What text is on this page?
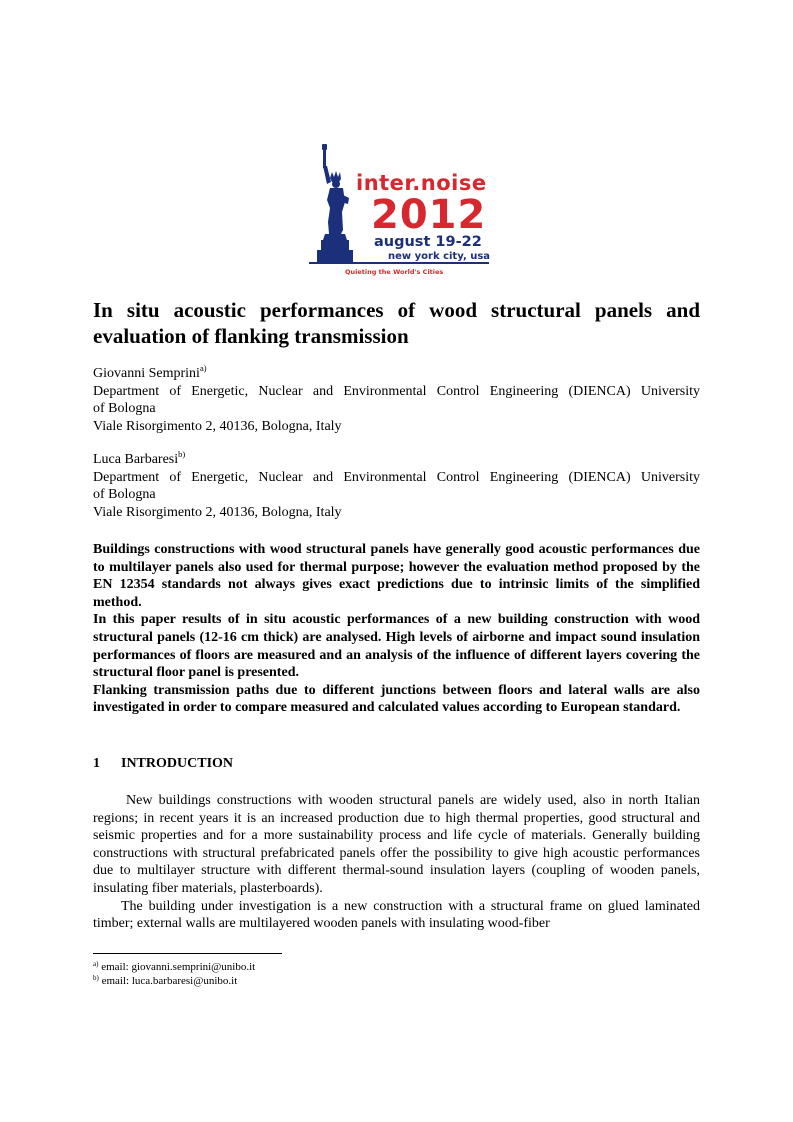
inter.noise
2012
august 19-22
new york city, usa
Quieting the World's Cities
In situ acoustic performances of wood structural panels and
evaluation of flanking transmission
Giovanni Semprini$^{a)}$
Department of Energetic, Nuclear and Environmental Control Engineering (DIENCA) University
of Bologna
Viale Risorgimento 2, 40136, Bologna, Italy
Luca Barbaresi$^{b)}$
Department of Energetic, Nuclear and Environmental Control Engineering (DIENCA) University
of Bologna
Viale Risorgimento 2, 40136, Bologna, Italy

Buildings constructions with wood structural panels have generally good acoustic performances due to multilayer panels also used for thermal purpose; however the evaluation method proposed by the EN 12354 standards not always gives exact predictions due to intrinsic limits of the simplified method.

In this paper results of in situ acoustic performances of a new building construction with wood structural panels (12-16 cm thick) are analysed. High levels of airborne and impact sound insulation performances of floors are measured and an analysis of the influence of different layers covering the structural floor panel is presented.

Flanking transmission paths due to different junctions between floors and lateral walls are also investigated in order to compare measured and calculated values according to European standard.

1 INTRODUCTION

New buildings constructions with wooden structural panels are widely used, also in north Italian regions; in recent years it is an increased production due to high thermal properties, good structural and seismic properties and for a more sustainability process and life cycle of materials. Generally building constructions with structural prefabricated panels offer the possibility to give high acoustic performances due to multilayer structure with different thermal-sound insulation layers (coupling of wooden panels, insulating fiber materials, plasterboards).

The building under investigation is a new construction with a structural frame on glued laminated timber; external walls are multilayered wooden panels with insulating wood-fiber

$^{a)}$ email: giovanni.semprini@unibo.it
$^{b)}$ email: luca.barbaresi@unibo.it
